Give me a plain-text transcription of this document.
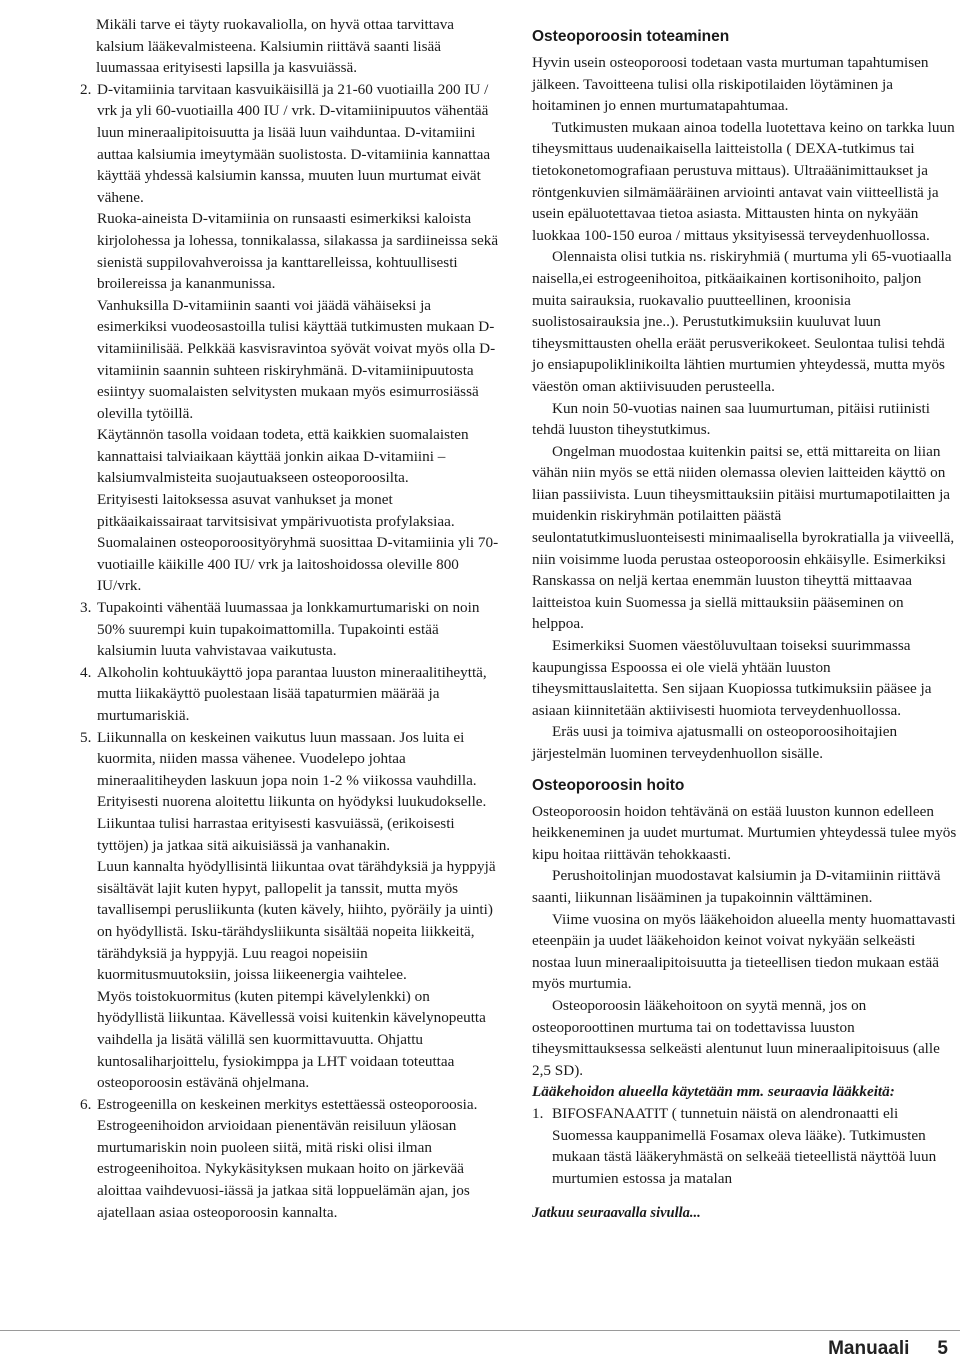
Mikäli tarve ei täyty ruokavaliolla, on hyvä ottaa tarvittava kalsium lääkevalmisteena. Kalsiumin riittävä saanti lisää luumassaa erityisesti lapsilla ja kasvuiässä.

2. D-vitamiinia tarvitaan kasvuikäisillä ja 21-60 vuotiailla 200 IU / vrk ja yli 60-vuotiailla 400 IU / vrk. D-vitamiinipuutos vähentää luun mineraalipitoisuutta ja lisää luun vaihduntaa. D-vitamiini auttaa kalsiumia imeytymään suolistosta. D-vitamiinia kannattaa käyttää yhdessä kalsiumin kanssa, muuten luun murtumat eivät vähene.

Ruoka-aineista D-vitamiinia on runsaasti esimerkiksi kaloista kirjolohessa ja lohessa, tonnikalassa, silakassa ja sardiineissa sekä sienistä suppilovahveroissa ja kanttarelleissa, kohtuullisesti broilereissa ja kananmunissa.

Vanhuksilla D-vitamiinin saanti voi jäädä vähäiseksi ja esimerkiksi vuodeosastoilla tulisi käyttää tutkimusten mukaan D-vitamiinilisää. Pelkkää kasvisravintoa syövät voivat myös olla D-vitamiinin saannin suhteen riskiryhmänä. D-vitamiinipuutosta esiintyy suomalaisten selvitysten mukaan myös esimurrosiässä olevilla tytöillä.

Käytännön tasolla voidaan todeta, että kaikkien suomalaisten kannattaisi talviaikaan käyttää jonkin aikaa D-vitamiini –kalsiumvalmisteita suojautuakseen osteoporoosilta.

Erityisesti laitoksessa asuvat vanhukset ja monet pitkäaikaissairaat tarvitsisivat ympärivuotista profylaksiaa. Suomalainen osteoporoosityöryhmä suosittaa D-vitamiinia yli 70-vuotiaille käikille 400 IU/ vrk ja laitoshoidossa oleville 800 IU/vrk.

3. Tupakointi vähentää luumassaa ja lonkkamurtumariski on noin 50% suurempi kuin tupakoimattomilla. Tupakointi estää kalsiumin luuta vahvistavaa vaikutusta.

4. Alkoholin kohtuukäyttö jopa parantaa luuston mineraalitiheyttä, mutta liikakäyttö puolestaan lisää tapaturmien määrää ja murtumariskiä.

5. Liikunnalla on keskeinen vaikutus luun massaan. Jos luita ei kuormita, niiden massa vähenee. Vuodelepo johtaa mineraalitiheyden laskuun jopa noin 1-2 % viikossa vauhdilla. Erityisesti nuorena aloitettu liikunta on hyödyksi luukudokselle. Liikuntaa tulisi harrastaa erityisesti kasvuiässä, (erikoisesti tyttöjen) ja jatkaa sitä aikuisiässä ja vanhanakin.

Luun kannalta hyödyllisintä liikuntaa ovat tärähdyksiä ja hyppyjä sisältävät lajit kuten hypyt, pallopelit ja tanssit, mutta myös tavallisempi perusliikunta (kuten kävely, hiihto, pyöräily ja uinti) on hyödyllistä. Isku-tärähdysliikunta sisältää nopeita liikkeitä, tärähdyksiä ja hyppyjä. Luu reagoi nopeisiin kuormitusmuutoksiin, joissa liikeenergia vaihtelee.

Myös toistokuormitus (kuten pitempi kävelylenkki) on hyödyllistä liikuntaa. Kävellessä voisi kuitenkin kävelynopeutta vaihdella ja lisätä välillä sen kuormittavuutta. Ohjattu kuntosaliharjoittelu, fysiokimppa ja LHT voidaan toteuttaa osteoporoosin estävänä ohjelmana.

6. Estrogeenilla on keskeinen merkitys estettäessä osteoporoosia. Estrogeenihoidon arvioidaan pienentävän reisiluun yläosan murtumariskin noin puoleen siitä, mitä riski olisi ilman estrogeenihoitoa. Nykykäsityksen mukaan hoito on järkevää aloittaa vaihdevuosi-iässä ja jatkaa sitä loppuelämän ajan, jos ajatellaan asiaa osteoporoosin kannalta.

Osteoporoosin toteaminen

Hyvin usein osteoporoosi todetaan vasta murtuman tapahtumisen jälkeen. Tavoitteena tulisi olla riskipotilaiden löytäminen ja hoitaminen jo ennen murtumatapahtumaa.

Tutkimusten mukaan ainoa todella luotettava keino on tarkka luun tiheysmittaus uudenaikaisella laitteistolla ( DEXA-tutkimus tai tietokonetomografiaan perustuva mittaus). Ultraäänimittaukset ja röntgenkuvien silmämääräinen arviointi antavat vain viitteellistä ja usein epäluotettavaa tietoa asiasta. Mittausten hinta on nykyään luokkaa 100-150 euroa / mittaus yksityisessä terveydenhuollossa.

Olennaista olisi tutkia ns. riskiryhmiä ( murtuma yli 65-vuotiaalla naisella,ei estrogeenihoitoa, pitkäaikainen kortisonihoito, paljon muita sairauksia, ruokavalio puutteellinen, kroonisia suolistosairauksia jne..). Perustutkimuksiin kuuluvat luun tiheysmittausten ohella eräät perusverikokeet. Seulontaa tulisi tehdä jo ensiapupoliklinikoilta lähtien murtumien yhteydessä, mutta myös väestön oman aktiivisuuden perusteella.

Kun noin 50-vuotias nainen saa luumurtuman, pitäisi rutiinisti tehdä luuston tiheystutkimus.

Ongelman muodostaa kuitenkin paitsi se, että mittareita on liian vähän niin myös se että niiden olemassa olevien laitteiden käyttö on liian passiivista. Luun tiheysmittauksiin pitäisi murtumapotilaitten ja muidenkin riskiryhmän potilaitten päästä seulontatutkimusluonteisesti minimaalisella byrokratialla ja viiveellä, niin voisimme luoda perustaa osteoporoosin ehkäisylle. Esimerkiksi Ranskassa on neljä kertaa enemmän luuston tiheyttä mittaavaa laitteistoa kuin Suomessa ja siellä mittauksiin pääseminen on helppoa.

Esimerkiksi Suomen väestöluvultaan toiseksi suurimmassa kaupungissa Espoossa ei ole vielä yhtään luuston tiheysmittauslaitetta. Sen sijaan Kuopiossa tutkimuksiin pääsee ja asiaan kiinnitetään aktiivisesti huomiota terveydenhuollossa.

Eräs uusi ja toimiva ajatusmalli on osteoporoosihoitajien järjestelmän luominen terveydenhuollon sisälle.

Osteoporoosin hoito

Osteoporoosin hoidon tehtävänä on estää luuston kunnon edelleen heikkeneminen ja uudet murtumat. Murtumien yhteydessä tulee myös kipu hoitaa riittävän tehokkaasti.

Perushoitolinjan muodostavat kalsiumin ja D-vitamiinin riittävä saanti, liikunnan lisääminen ja tupakoinnin välttäminen.

Viime vuosina on myös lääkehoidon alueella menty huomattavasti eteenpäin ja uudet lääkehoidon keinot voivat nykyään selkeästi nostaa luun mineraalipitoisuutta ja tieteellisen tiedon mukaan estää myös murtumia.

Osteoporoosin lääkehoitoon on syytä mennä, jos on osteoporoottinen murtuma tai on todettavissa luuston tiheysmittauksessa selkeästi alentunut luun mineraalipitoisuus (alle 2,5 SD).

Lääkehoidon alueella käytetään mm. seuraavia lääkkeitä:

1. BIFOSFANAATIT ( tunnetuin näistä on alendronaatti eli Suomessa kauppanimellä Fosamax oleva lääke). Tutkimusten mukaan tästä lääkeryhmästä on selkeää tieteellistä näyttöä luun murtumien estossa ja matalan

Jatkuu seuraavalla sivulla...

Manuaali 5
